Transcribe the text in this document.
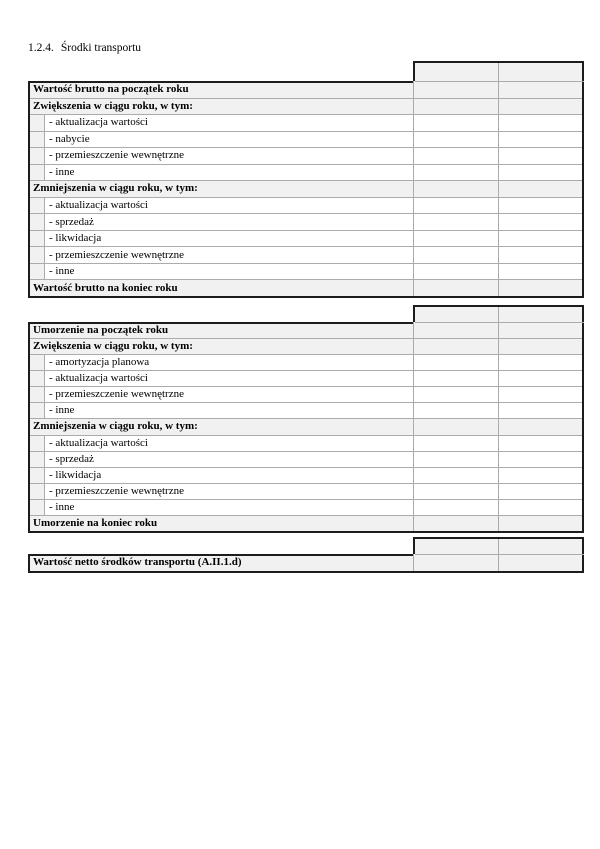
1.2.4. Środki transportu
Wartość brutto na początek roku
Zwiększenia w ciągu roku, w tym:
- aktualizacja wartości
- nabycie
- przemieszczenie wewnętrzne
- inne
Zmniejszenia w ciągu roku, w tym:
- aktualizacja wartości
- sprzedaż
- likwidacja
- przemieszczenie wewnętrzne
- inne
Wartość brutto na koniec roku
Umorzenie na początek roku
Zwiększenia w ciągu roku, w tym:
- amortyzacja planowa
- aktualizacja wartości
- przemieszczenie wewnętrzne
- inne
Zmniejszenia w ciągu roku, w tym:
- aktualizacja wartości
- sprzedaż
- likwidacja
- przemieszczenie wewnętrzne
- inne
Umorzenie na koniec roku
Wartość netto środków transportu (A.II.1.d)
